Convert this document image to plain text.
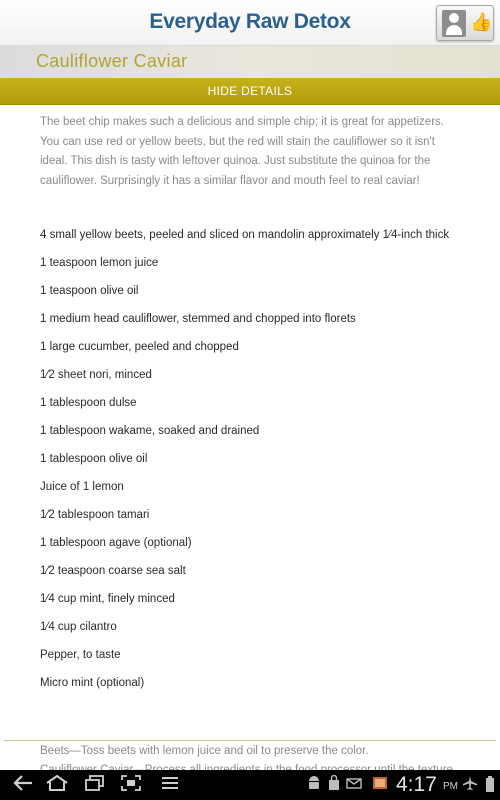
Everyday Raw Detox	👍
Cauliflower Caviar
HIDE DETAILS

The beet chip makes such a delicious and simple chip; it is great for appetizers. You can use red or yellow beets, but the red will stain the cauliflower so it isn't ideal. This dish is tasty with leftover quinoa. Just substitute the quinoa for the cauliflower. Surprisingly it has a similar flavor and mouth feel to real caviar!

4 small yellow beets, peeled and sliced on mandolin approximately 1⁄4-inch thick
1 teaspoon lemon juice
1 teaspoon olive oil
1 medium head cauliflower, stemmed and chopped into florets
1 large cucumber, peeled and chopped
1⁄2 sheet nori, minced
1 tablespoon dulse
1 tablespoon wakame, soaked and drained
1 tablespoon olive oil
Juice of 1 lemon
1⁄2 tablespoon tamari
1 tablespoon agave (optional)
1⁄2 teaspoon coarse sea salt
1⁄4 cup mint, finely minced
1⁄4 cup cilantro
Pepper, to taste
Micro mint (optional)

Beets—Toss beets with lemon juice and oil to preserve the color.

4:17 PM
